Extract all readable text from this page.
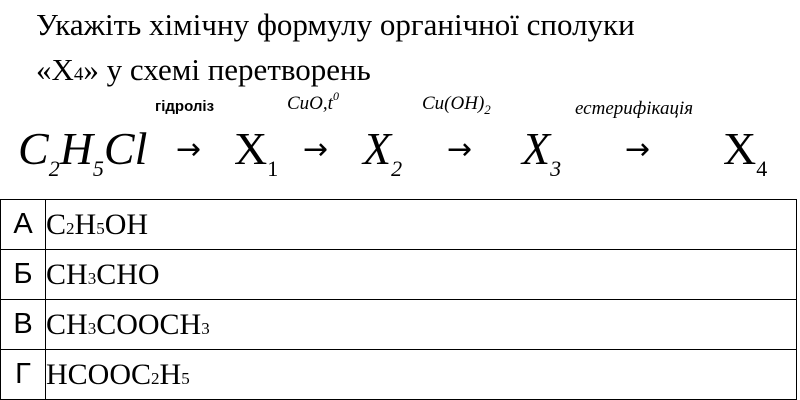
Укажіть хімічну формулу органічної сполуки
«X4» у схемі перетворень
$C_2H_5Cl$
гідроліз
→ $X_1$
$CuO,t^0$
→ $X_2$
$Cu(OH)_2$
→ $X_3$
естерифікація
→ $X_4$
А	C2H5OH
Б	CH3CHO
В	CH3COOCH3
Г	HCOOC2H5
